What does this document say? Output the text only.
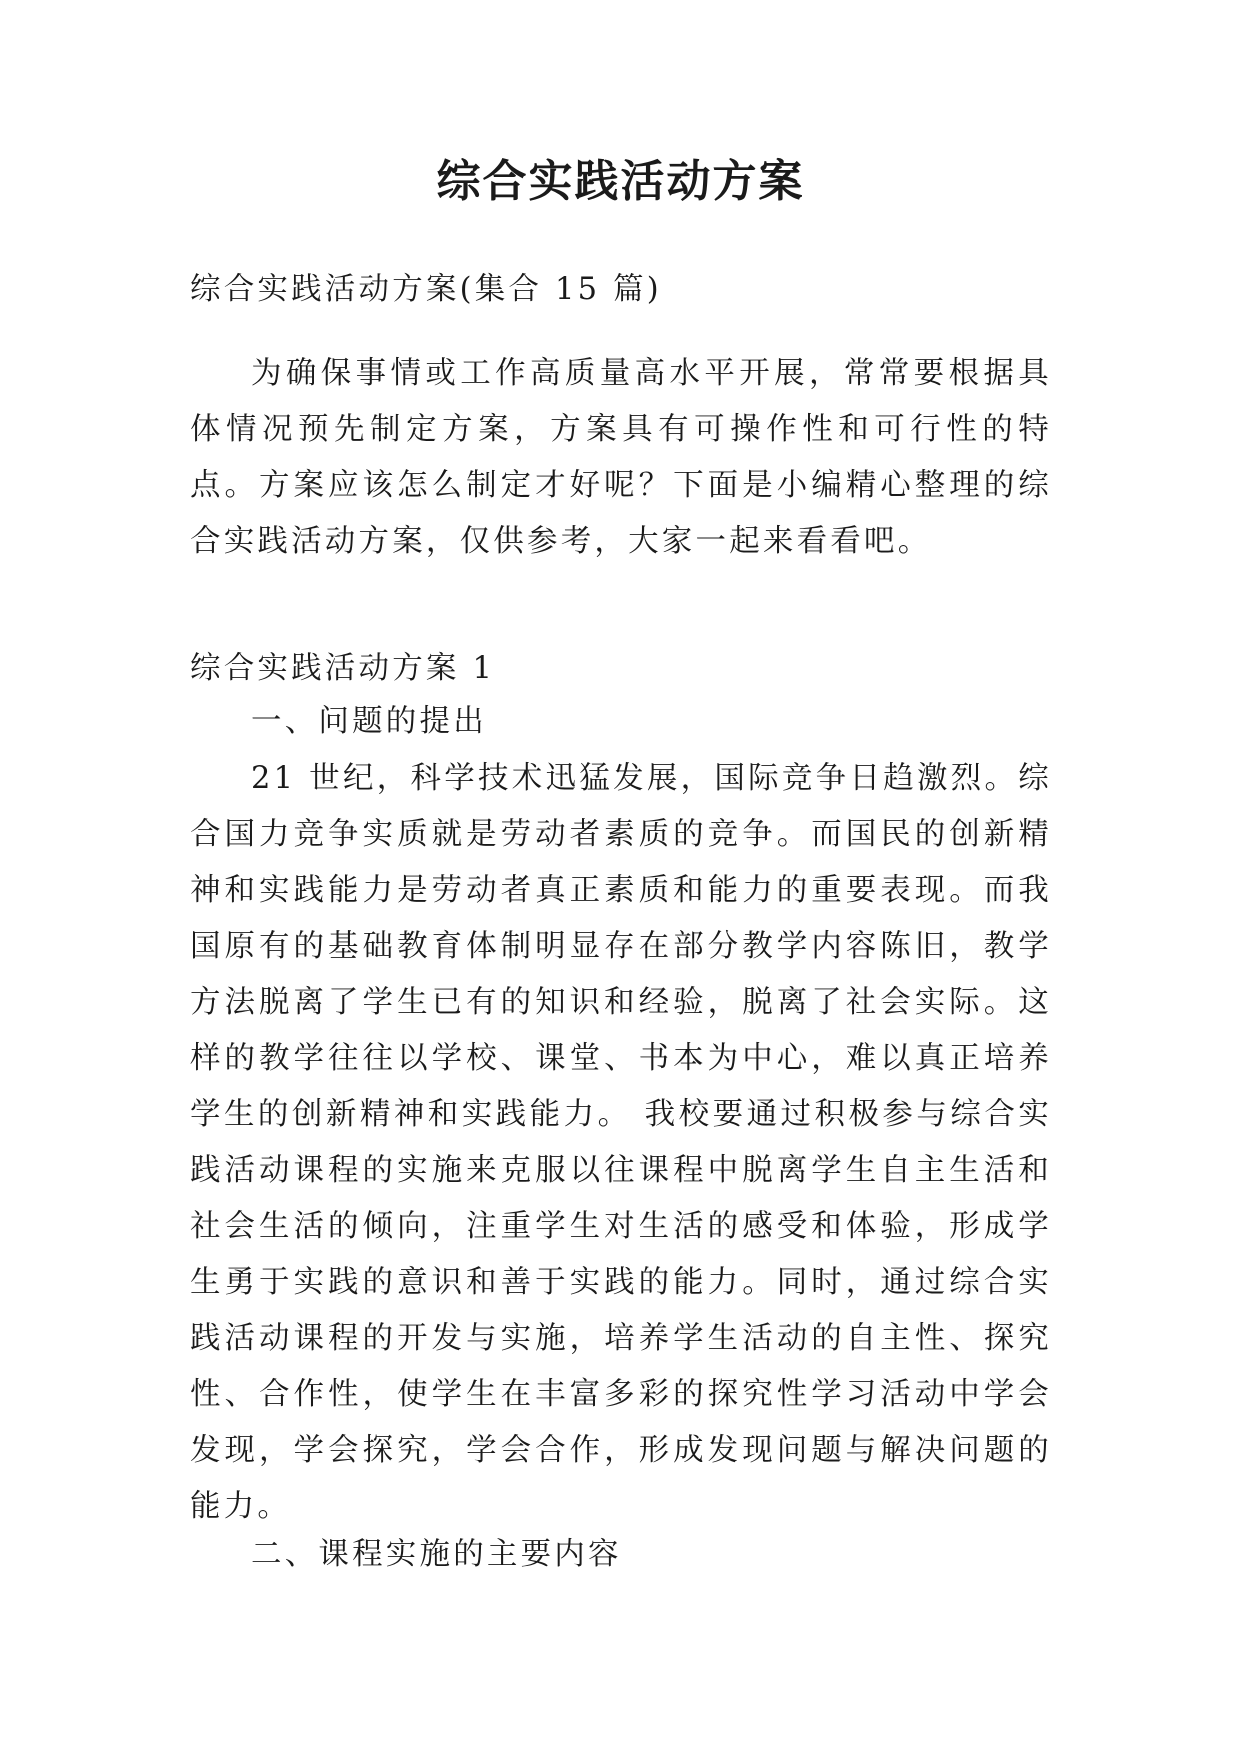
综合实践活动方案

综合实践活动方案(集合 15 篇)

为确保事情或工作高质量高水平开展，常常要根据具体情况预先制定方案，方案具有可操作性和可行性的特点。方案应该怎么制定才好呢？下面是小编精心整理的综合实践活动方案，仅供参考，大家一起来看看吧。

综合实践活动方案 1

一、问题的提出

21 世纪，科学技术迅猛发展，国际竞争日趋激烈。综合国力竞争实质就是劳动者素质的竞争。而国民的创新精神和实践能力是劳动者真正素质和能力的重要表现。而我国原有的基础教育体制明显存在部分教学内容陈旧，教学方法脱离了学生已有的知识和经验，脱离了社会实际。这样的教学往往以学校、课堂、书本为中心，难以真正培养学生的创新精神和实践能力。 我校要通过积极参与综合实践活动课程的实施来克服以往课程中脱离学生自主生活和社会生活的倾向，注重学生对生活的感受和体验，形成学生勇于实践的意识和善于实践的能力。同时，通过综合实践活动课程的开发与实施，培养学生活动的自主性、探究性、合作性，使学生在丰富多彩的探究性学习活动中学会发现，学会探究，学会合作，形成发现问题与解决问题的能力。

二、课程实施的主要内容
